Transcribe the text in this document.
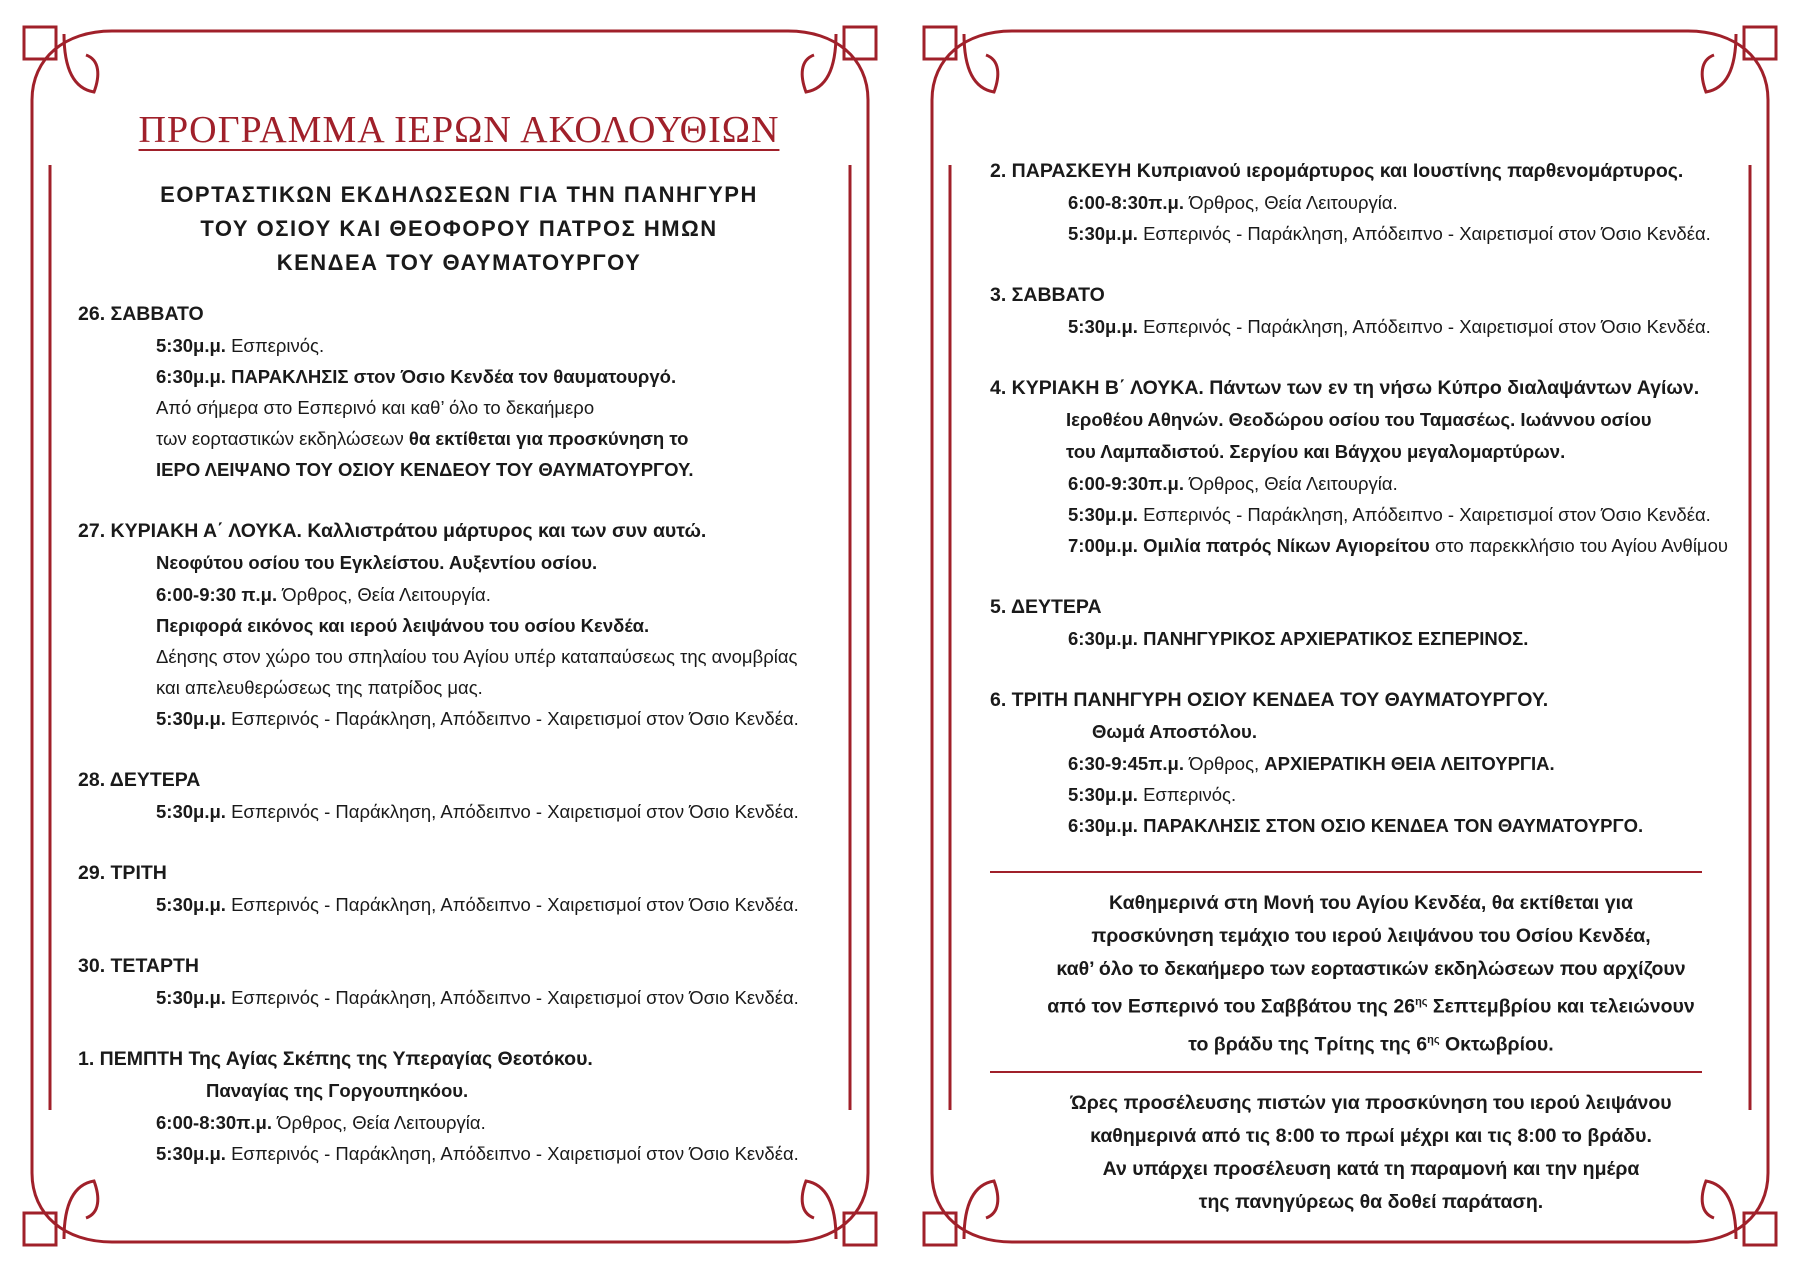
ΠΡΟΓΡΑΜΜΑ ΙΕΡΩΝ ΑΚΟΛΟΥΘΙΩΝ
ΕΟΡΤΑΣΤΙΚΩΝ ΕΚΔΗΛΩΣΕΩΝ ΓΙΑ ΤΗΝ ΠΑΝΗΓΥΡΗ
ΤΟΥ ΟΣΙΟΥ ΚΑΙ ΘΕΟΦΟΡΟΥ ΠΑΤΡΟΣ ΗΜΩΝ
ΚΕΝΔΕΑ ΤΟΥ ΘΑΥΜΑΤΟΥΡΓΟΥ
26. ΣΑΒΒΑΤΟ
5:30μ.μ. Εσπερινός.
6:30μ.μ. ΠΑΡΑΚΛΗΣΙΣ στον Όσιο Κενδέα τον θαυματουργό.
Από σήμερα στο Εσπερινό και καθ’ όλο το δεκαήμερο
των εορταστικών εκδηλώσεων θα εκτίθεται για προσκύνηση το
ΙΕΡΟ ΛΕΙΨΑΝΟ ΤΟΥ ΟΣΙΟΥ ΚΕΝΔΕΟΥ ΤΟΥ ΘΑΥΜΑΤΟΥΡΓΟΥ.
27. ΚΥΡΙΑΚΗ Α΄ ΛΟΥΚΑ. Καλλιστράτου μάρτυρος και των συν αυτώ.
Νεοφύτου οσίου του Εγκλείστου. Αυξεντίου οσίου.
6:00-9:30 π.μ. Όρθρος, Θεία Λειτουργία.
Περιφορά εικόνος και ιερού λειψάνου του οσίου Κενδέα.
Δέησης στον χώρο του σπηλαίου του Αγίου υπέρ καταπαύσεως της ανομβρίας
και απελευθερώσεως της πατρίδος μας.
5:30μ.μ. Εσπερινός - Παράκληση, Απόδειπνο - Χαιρετισμοί στον Όσιο Κενδέα.
28. ΔΕΥΤΕΡΑ
5:30μ.μ. Εσπερινός - Παράκληση, Απόδειπνο - Χαιρετισμοί στον Όσιο Κενδέα.
29. ΤΡΙΤΗ
5:30μ.μ. Εσπερινός - Παράκληση, Απόδειπνο - Χαιρετισμοί στον Όσιο Κενδέα.
30. ΤΕΤΑΡΤΗ
5:30μ.μ. Εσπερινός - Παράκληση, Απόδειπνο - Χαιρετισμοί στον Όσιο Κενδέα.
1. ΠΕΜΠΤΗ Της Αγίας Σκέπης της Υπεραγίας Θεοτόκου.
Παναγίας της Γοργουπηκόου.
6:00-8:30π.μ. Όρθρος, Θεία Λειτουργία.
5:30μ.μ. Εσπερινός - Παράκληση, Απόδειπνο - Χαιρετισμοί στον Όσιο Κενδέα.
2. ΠΑΡΑΣΚΕΥΗ Κυπριανού ιερομάρτυρος και Ιουστίνης παρθενομάρτυρος.
6:00-8:30π.μ. Όρθρος, Θεία Λειτουργία.
5:30μ.μ. Εσπερινός - Παράκληση, Απόδειπνο - Χαιρετισμοί στον Όσιο Κενδέα.
3. ΣΑΒΒΑΤΟ
5:30μ.μ. Εσπερινός - Παράκληση, Απόδειπνο - Χαιρετισμοί στον Όσιο Κενδέα.
4. ΚΥΡΙΑΚΗ Β΄ ΛΟΥΚΑ. Πάντων των εν τη νήσω Κύπρο διαλαψάντων Αγίων.
Ιεροθέου Αθηνών. Θεοδώρου οσίου του Ταμασέως. Ιωάννου οσίου
του Λαμπαδιστού. Σεργίου και Βάγχου μεγαλομαρτύρων.
6:00-9:30π.μ. Όρθρος, Θεία Λειτουργία.
5:30μ.μ. Εσπερινός - Παράκληση, Απόδειπνο - Χαιρετισμοί στον Όσιο Κενδέα.
7:00μ.μ. Ομιλία πατρός Νίκων Αγιορείτου στο παρεκκλήσιο του Αγίου Ανθίμου
5. ΔΕΥΤΕΡΑ
6:30μ.μ. ΠΑΝΗΓΥΡΙΚΟΣ ΑΡΧΙΕΡΑΤΙΚΟΣ ΕΣΠΕΡΙΝΟΣ.
6. ΤΡΙΤΗ ΠΑΝΗΓΥΡΗ ΟΣΙΟΥ ΚΕΝΔΕΑ ΤΟΥ ΘΑΥΜΑΤΟΥΡΓΟΥ.
Θωμά Αποστόλου.
6:30-9:45π.μ. Όρθρος, ΑΡΧΙΕΡΑΤΙΚΗ ΘΕΙΑ ΛΕΙΤΟΥΡΓΙΑ.
5:30μ.μ. Εσπερινός.
6:30μ.μ. ΠΑΡΑΚΛΗΣΙΣ ΣΤΟΝ ΟΣΙΟ ΚΕΝΔΕΑ ΤΟΝ ΘΑΥΜΑΤΟΥΡΓΟ.
Καθημερινά στη Μονή του Αγίου Κενδέα, θα εκτίθεται για
προσκύνηση τεμάχιο του ιερού λειψάνου του Οσίου Κενδέα,
καθ’ όλο το δεκαήμερο των εορταστικών εκδηλώσεων που αρχίζουν
από τον Εσπερινό του Σαββάτου της $26^{\eta\varsigma}$ Σεπτεμβρίου και τελειώνουν
το βράδυ της Τρίτης της $6^{\eta\varsigma}$ Οκτωβρίου.
Ώρες προσέλευσης πιστών για προσκύνηση του ιερού λειψάνου
καθημερινά από τις 8:00 το πρωί μέχρι και τις 8:00 το βράδυ.
Αν υπάρχει προσέλευση κατά τη παραμονή και την ημέρα
της πανηγύρεως θα δοθεί παράταση.
